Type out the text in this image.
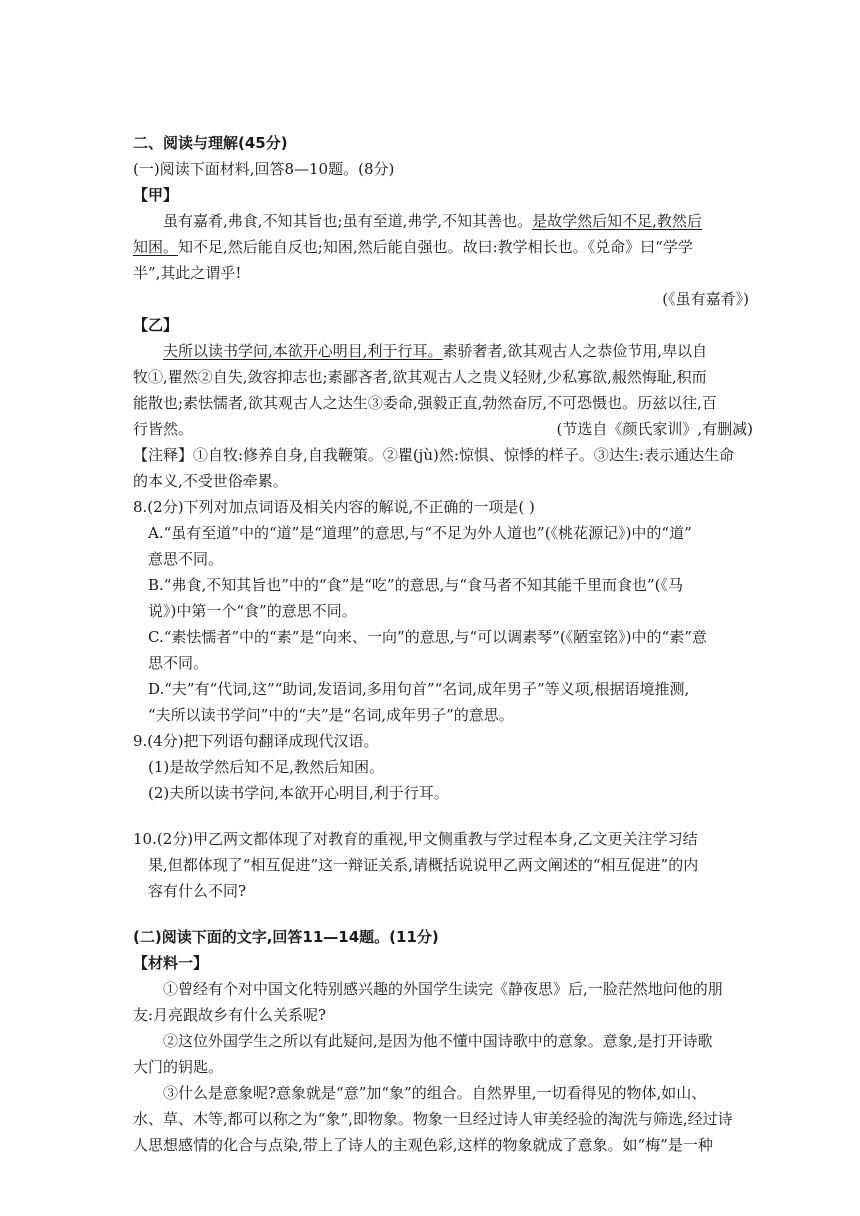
二、阅读与理解(45分)

(一)阅读下面材料,回答8—10题。(8分)

【甲】

虽有嘉肴,弗食,不知其旨也;虽有至道,弗学,不知其善也。是故学然后知不足,教然后

知困。知不足,然后能自反也;知困,然后能自强也。故曰:教学相长也。《兑命》曰“学学

半”,其此之谓乎!

(《虽有嘉肴》)

【乙】

夫所以读书学问,本欲开心明目,利于行耳。素骄奢者,欲其观古人之恭俭节用,卑以自

牧①,瞿然②自失,敛容抑志也;素鄙吝者,欲其观古人之贵义轻财,少私寡欲,赧然悔耻,积而

能散也;素怯懦者,欲其观古人之达生③委命,强毅正直,勃然奋厉,不可恐慑也。历兹以往,百

行皆然。	(节选自《颜氏家训》,有删减)

【注释】①自牧:修养自身,自我鞭策。②瞿(jù)然:惊惧、惊悸的样子。③达生:表示通达生命

的本义,不受世俗牵累。

8.(2分)下列对加点词语及相关内容的解说,不正确的一项是( )

A.“虽有至道”中的“道”是“道理”的意思,与“不足为外人道也”(《桃花源记》)中的“道”

意思不同。

B.“弗食,不知其旨也”中的“食”是“吃”的意思,与“食马者不知其能千里而食也”(《马

说》)中第一个“食”的意思不同。

C.“素怯懦者”中的“素”是“向来、一向”的意思,与“可以调素琴”(《陋室铭》)中的“素”意

思不同。

D.“夫”有“代词,这”“助词,发语词,多用句首”“名词,成年男子”等义项,根据语境推测,

“夫所以读书学问”中的“夫”是“名词,成年男子”的意思。

9.(4分)把下列语句翻译成现代汉语。

(1)是故学然后知不足,教然后知困。

(2)夫所以读书学问,本欲开心明目,利于行耳。

10.(2分)甲乙两文都体现了对教育的重视,甲文侧重教与学过程本身,乙文更关注学习结

果,但都体现了“相互促进”这一辩证关系,请概括说说甲乙两文阐述的“相互促进”的内

容有什么不同?

(二)阅读下面的文字,回答11—14题。(11分)

【材料一】

①曾经有个对中国文化特别感兴趣的外国学生读完《静夜思》后,一脸茫然地问他的朋

友:月亮跟故乡有什么关系呢?

②这位外国学生之所以有此疑问,是因为他不懂中国诗歌中的意象。意象,是打开诗歌

大门的钥匙。

③什么是意象呢?意象就是“意”加“象”的组合。自然界里,一切看得见的物体,如山、

水、草、木等,都可以称之为“象”,即物象。物象一旦经过诗人审美经验的淘洗与筛选,经过诗

人思想感情的化合与点染,带上了诗人的主观色彩,这样的物象就成了意象。如“梅”是一种
